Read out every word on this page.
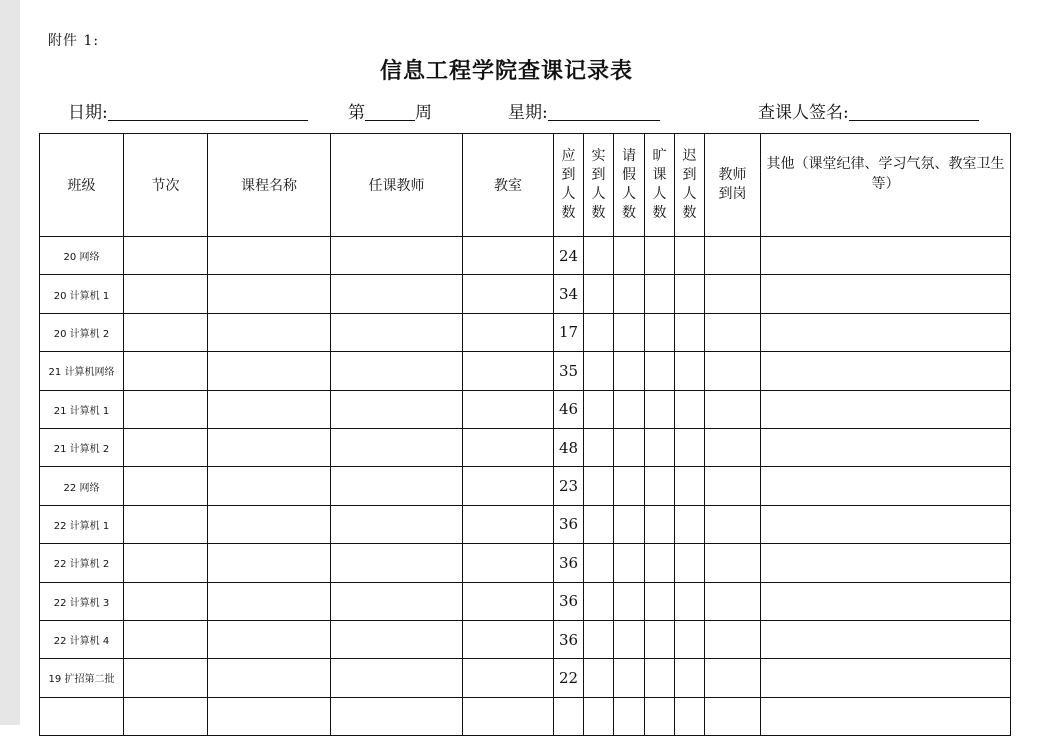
附件 1:
信息工程学院查课记录表
日期:	第	周	星期:	查课人签名:
班级	节次	课程名称	任课教师	教室	应
到
人
数	实
到
人
数	请
假
人
数	旷
课
人
数	迟
到
人
数	教师
到岗	其他（课堂纪律、学习气氛、教室卫生等）
20 网络					24						
20 计算机 1					34						
20 计算机 2					17						
21 计算机网络					35						
21 计算机 1					46						
21 计算机 2					48						
22 网络					23						
22 计算机 1					36						
22 计算机 2					36						
22 计算机 3					36						
22 计算机 4					36						
19 扩招第二批					22						
